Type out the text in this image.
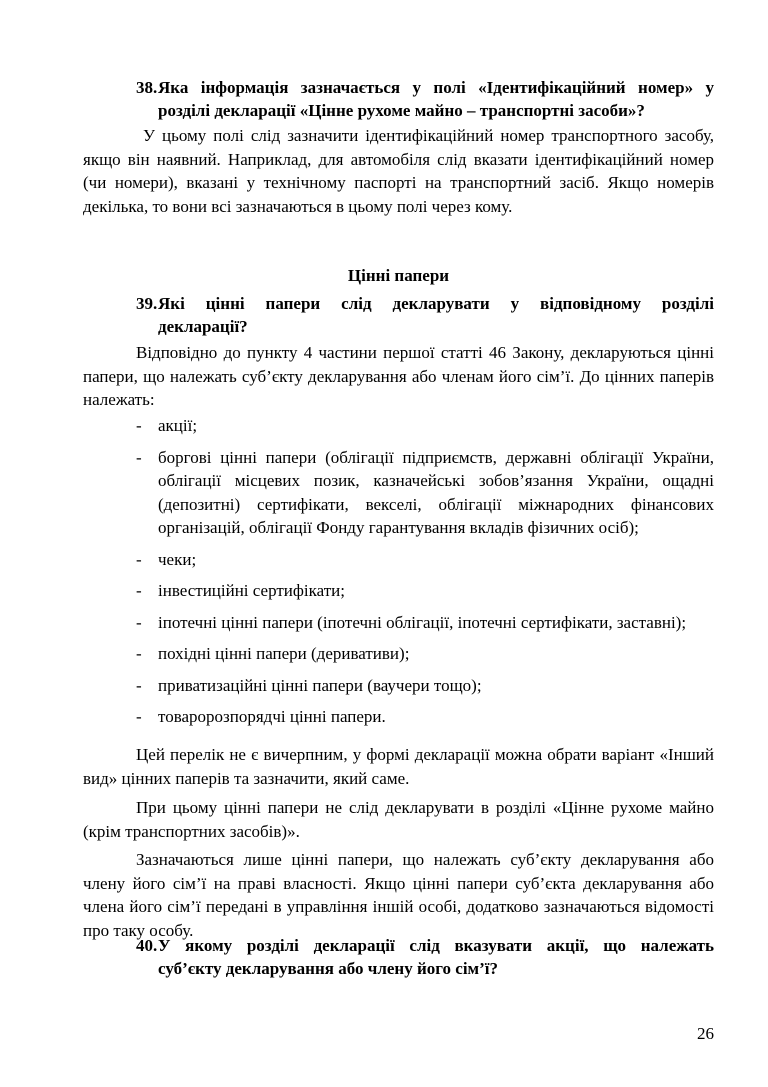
38.Яка інформація зазначається у полі «Ідентифікаційний номер» у
розділі декларації «Цінне рухоме майно – транспортні засоби»?

У цьому полі слід зазначити ідентифікаційний номер транспортного засобу, якщо він наявний. Наприклад, для автомобіля слід вказати ідентифікаційний номер (чи номери), вказані у технічному паспорті на транспортний засіб. Якщо номерів декілька, то вони всі зазначаються в цьому полі через кому.

Цінні папери
39.Які цінні папери слід декларувати у відповідному розділі
декларації?

Відповідно до пункту 4 частини першої статті 46 Закону, декларуються цінні папери, що належать суб’єкту декларування або членам його сім’ї. До цінних паперів належать:

- акції;
- боргові цінні папери (облігації підприємств, державні облігації України, облігації місцевих позик, казначейські зобов’язання України, ощадні (депозитні) сертифікати, векселі, облігації міжнародних фінансових організацій, облігації Фонду гарантування вкладів фізичних осіб);
- чеки;
- інвестиційні сертифікати;
- іпотечні цінні папери (іпотечні облігації, іпотечні сертифікати, заставні);
- похідні цінні папери (деривативи);
- приватизаційні цінні папери (ваучери тощо);
- товаророзпорядчі цінні папери.

Цей перелік не є вичерпним, у формі декларації можна обрати варіант «Інший вид» цінних паперів та зазначити, який саме.

При цьому цінні папери не слід декларувати в розділі «Цінне рухоме майно (крім транспортних засобів)».

Зазначаються лише цінні папери, що належать суб’єкту декларування або члену його сім’ї на праві власності. Якщо цінні папери суб’єкта декларування або члена його сім’ї передані в управління іншій особі, додатково зазначаються відомості про таку особу.

40.У якому розділі декларації слід вказувати акції, що належать
суб’єкту декларування або члену його сім’ї?
26
